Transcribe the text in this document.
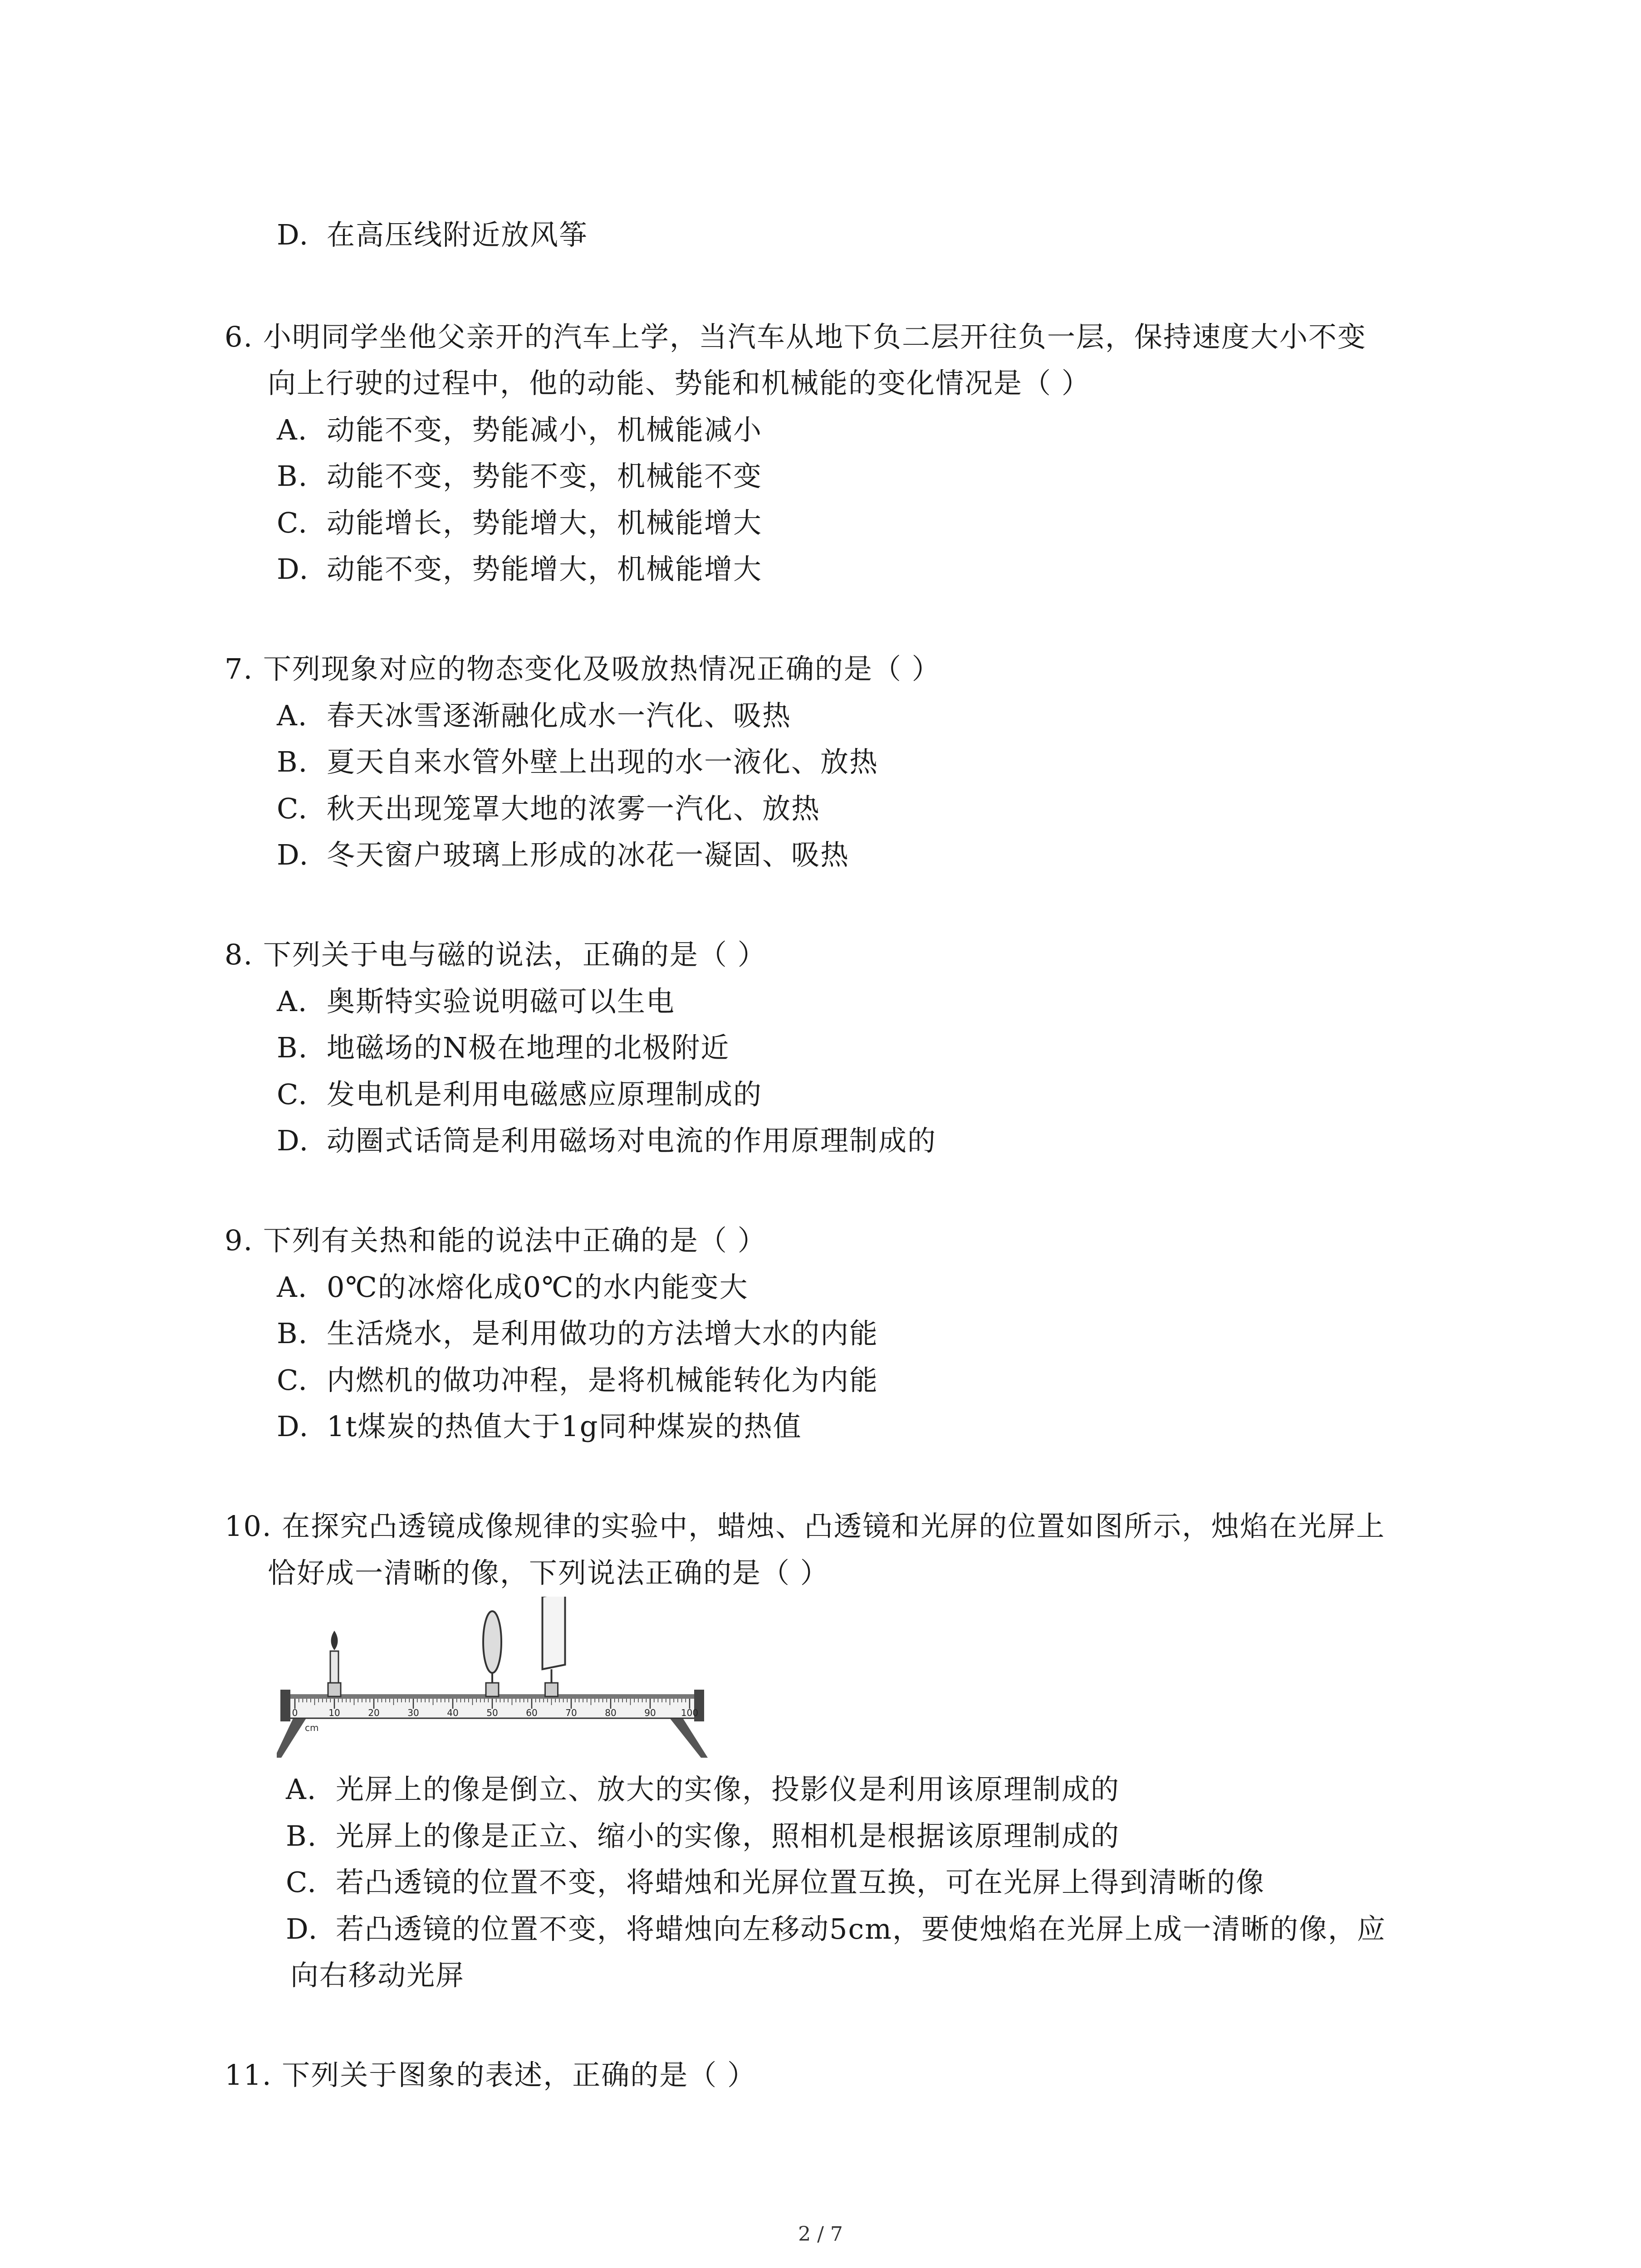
D. 在高压线附近放风筝
6. 小明同学坐他父亲开的汽车上学，当汽车从地下负二层开往负一层，保持速度大小不变
向上行驶的过程中，他的动能、势能和机械能的变化情况是（ ）
A. 动能不变，势能减小，机械能减小
B. 动能不变，势能不变，机械能不变
C. 动能增长，势能增大，机械能增大
D. 动能不变，势能增大，机械能增大
7. 下列现象对应的物态变化及吸放热情况正确的是（ ）
A. 春天冰雪逐渐融化成水一汽化、吸热
B. 夏天自来水管外壁上出现的水一液化、放热
C. 秋天出现笼罩大地的浓雾一汽化、放热
D. 冬天窗户玻璃上形成的冰花一凝固、吸热
8. 下列关于电与磁的说法，正确的是（ ）
A. 奥斯特实验说明磁可以生电
B. 地磁场的N极在地理的北极附近
C. 发电机是利用电磁感应原理制成的
D. 动圈式话筒是利用磁场对电流的作用原理制成的
9. 下列有关热和能的说法中正确的是（ ）
A. 0℃的冰熔化成0℃的水内能变大
B. 生活烧水，是利用做功的方法增大水的内能
C. 内燃机的做功冲程，是将机械能转化为内能
D. 1t煤炭的热值大于1g同种煤炭的热值
10. 在探究凸透镜成像规律的实验中，蜡烛、凸透镜和光屏的位置如图所示，烛焰在光屏上
恰好成一清晰的像，下列说法正确的是（ ）
0	10	20	30	40	50	60	70	80	90	100
cm
A. 光屏上的像是倒立、放大的实像，投影仪是利用该原理制成的
B. 光屏上的像是正立、缩小的实像，照相机是根据该原理制成的
C. 若凸透镜的位置不变，将蜡烛和光屏位置互换，可在光屏上得到清晰的像
D. 若凸透镜的位置不变，将蜡烛向左移动5cm，要使烛焰在光屏上成一清晰的像，应
向右移动光屏
11. 下列关于图象的表述，正确的是（ ）
2 / 7
